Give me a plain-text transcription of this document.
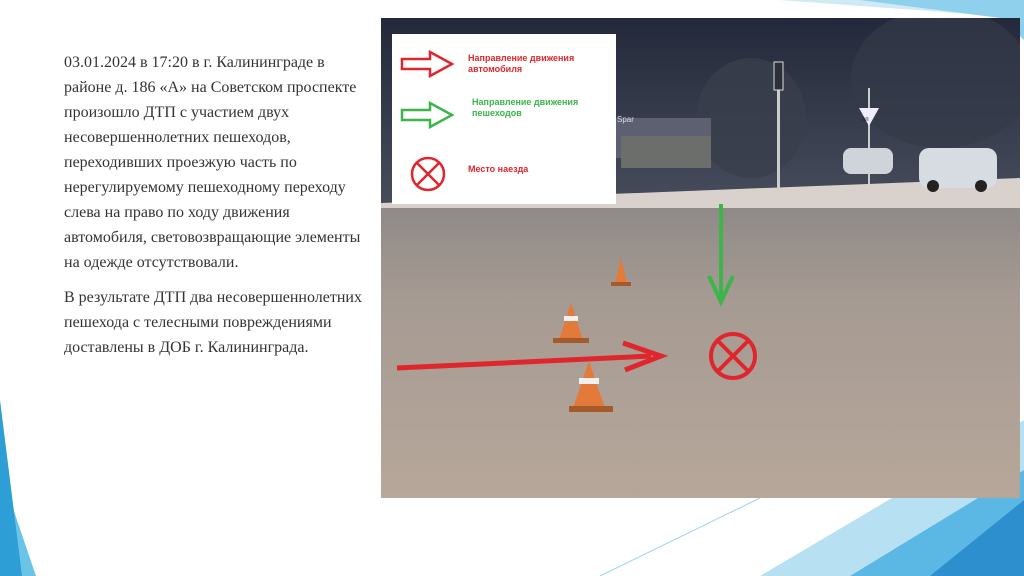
03.01.2024 в 17:20 в г. Калининграде в районе д. 186 «А» на Советском проспекте произошло ДТП с участием двух несовершеннолетних пешеходов, переходивших проезжую часть по нерегулируемому пешеходному переходу слева на право по ходу движения автомобиля, световозвращающие элементы на одежде отсутствовали.

В результате ДТП два несовершеннолетних пешехода с телесными повреждениями доставлены в ДОБ г. Калининграда.

Spar	ап
Направление движения автомобиля
Направление движения пешеходов
Место наезда
